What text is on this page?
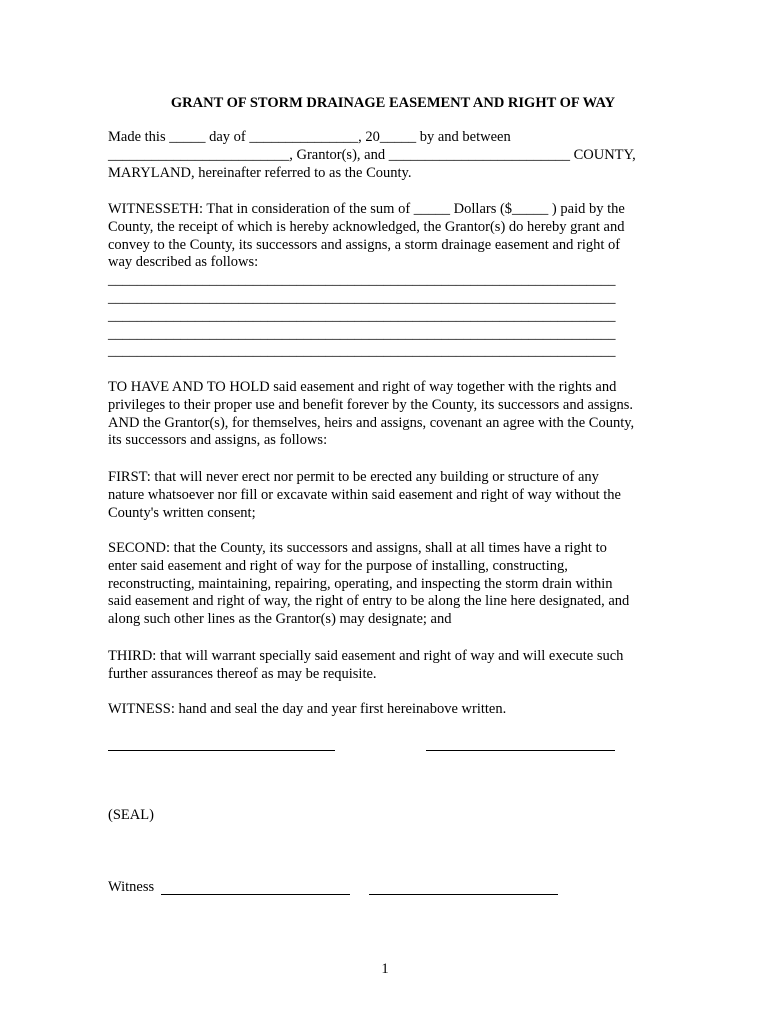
GRANT OF STORM DRAINAGE EASEMENT AND RIGHT OF WAY
Made this _____ day of _______________, 20_____ by and between
_________________________, Grantor(s), and _________________________ COUNTY,
MARYLAND, hereinafter referred to as the County.
WITNESSETH: That in consideration of the sum of _____ Dollars ($_____ ) paid by the
County, the receipt of which is hereby acknowledged, the Grantor(s) do hereby grant and
convey to the County, its successors and assigns, a storm drainage easement and right of
way described as follows:
______________________________________________________________________
______________________________________________________________________
______________________________________________________________________
______________________________________________________________________
______________________________________________________________________
TO HAVE AND TO HOLD said easement and right of way together with the rights and
privileges to their proper use and benefit forever by the County, its successors and assigns.
AND the Grantor(s), for themselves, heirs and assigns, covenant an agree with the County,
its successors and assigns, as follows:
FIRST: that will never erect nor permit to be erected any building or structure of any
nature whatsoever nor fill or excavate within said easement and right of way without the
County's written consent;
SECOND: that the County, its successors and assigns, shall at all times have a right to
enter said easement and right of way for the purpose of installing, constructing,
reconstructing, maintaining, repairing, operating, and inspecting the storm drain within
said easement and right of way, the right of entry to be along the line here designated, and
along such other lines as the Grantor(s) may designate; and
THIRD: that will warrant specially said easement and right of way and will execute such
further assurances thereof as may be requisite.
WITNESS: hand and seal the day and year first hereinabove written.
(SEAL)
Witness
1
